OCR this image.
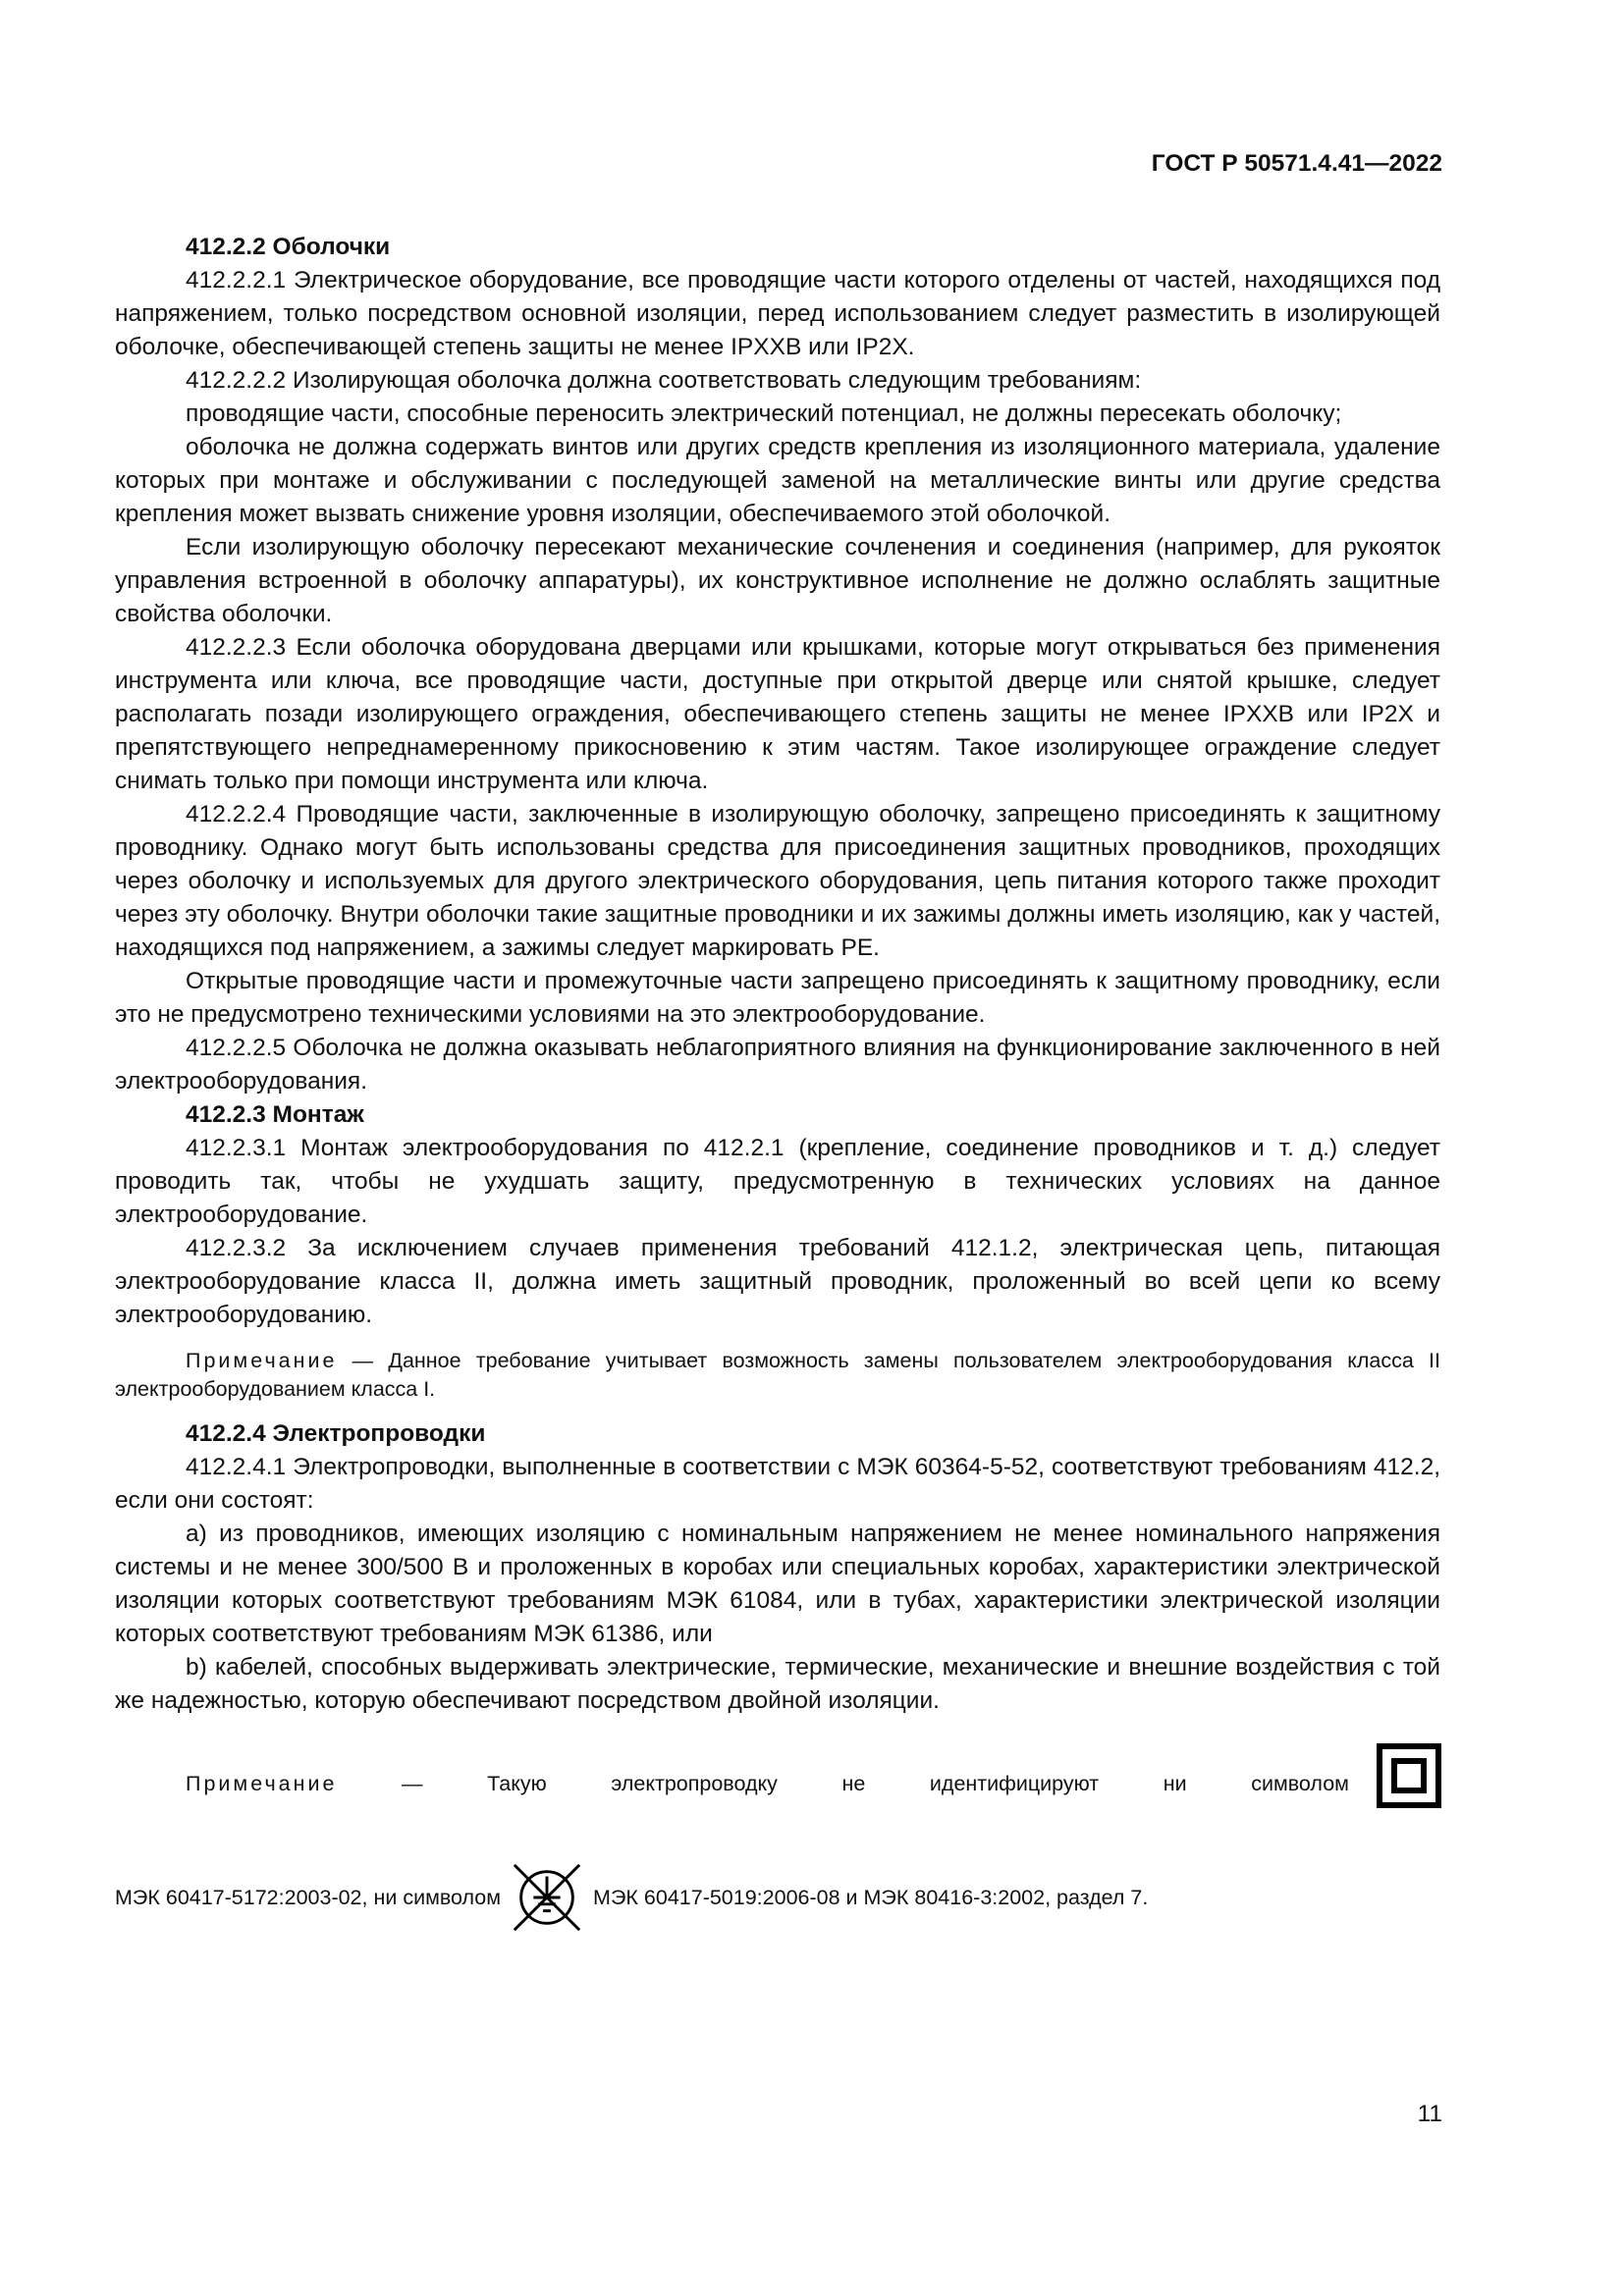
ГОСТ Р 50571.4.41—2022

412.2.2 Оболочки

412.2.2.1 Электрическое оборудование, все проводящие части которого отделены от частей, находящихся под напряжением, только посредством основной изоляции, перед использованием следует разместить в изолирующей оболочке, обеспечивающей степень защиты не менее IPXXB или IP2X.

412.2.2.2 Изолирующая оболочка должна соответствовать следующим требованиям:

проводящие части, способные переносить электрический потенциал, не должны пересекать оболочку;

оболочка не должна содержать винтов или других средств крепления из изоляционного материала, удаление которых при монтаже и обслуживании с последующей заменой на металлические винты или другие средства крепления может вызвать снижение уровня изоляции, обеспечиваемого этой оболочкой.

Если изолирующую оболочку пересекают механические сочленения и соединения (например, для рукояток управления встроенной в оболочку аппаратуры), их конструктивное исполнение не должно ослаблять защитные свойства оболочки.

412.2.2.3 Если оболочка оборудована дверцами или крышками, которые могут открываться без применения инструмента или ключа, все проводящие части, доступные при открытой дверце или снятой крышке, следует располагать позади изолирующего ограждения, обеспечивающего степень защиты не менее IPXXB или IP2X и препятствующего непреднамеренному прикосновению к этим частям. Такое изолирующее ограждение следует снимать только при помощи инструмента или ключа.

412.2.2.4 Проводящие части, заключенные в изолирующую оболочку, запрещено присоединять к защитному проводнику. Однако могут быть использованы средства для присоединения защитных проводников, проходящих через оболочку и используемых для другого электрического оборудования, цепь питания которого также проходит через эту оболочку. Внутри оболочки такие защитные проводники и их зажимы должны иметь изоляцию, как у частей, находящихся под напряжением, а зажимы следует маркировать PE.

Открытые проводящие части и промежуточные части запрещено присоединять к защитному проводнику, если это не предусмотрено техническими условиями на это электрооборудование.

412.2.2.5 Оболочка не должна оказывать неблагоприятного влияния на функционирование заключенного в ней электрооборудования.

412.2.3 Монтаж

412.2.3.1 Монтаж электрооборудования по 412.2.1 (крепление, соединение проводников и т. д.) следует проводить так, чтобы не ухудшать защиту, предусмотренную в технических условиях на данное электрооборудование.

412.2.3.2 За исключением случаев применения требований 412.1.2, электрическая цепь, питающая электрооборудование класса II, должна иметь защитный проводник, проложенный во всей цепи ко всему электрооборудованию.

Примечание — Данное требование учитывает возможность замены пользователем электрооборудования класса II электрооборудованием класса I.

412.2.4 Электропроводки

412.2.4.1 Электропроводки, выполненные в соответствии с МЭК 60364-5-52, соответствуют требованиям 412.2, если они состоят:

a) из проводников, имеющих изоляцию с номинальным напряжением не менее номинального напряжения системы и не менее 300/500 В и проложенных в коробах или специальных коробах, характеристики электрической изоляции которых соответствуют требованиям МЭК 61084, или в тубах, характеристики электрической изоляции которых соответствуют требованиям МЭК 61386, или

b) кабелей, способных выдерживать электрические, термические, механические и внешние воздействия с той же надежностью, которую обеспечивают посредством двойной изоляции.

Примечание	—	Такую	электропроводку	не	идентифицируют	ни	символом
МЭК 60417-5172:2003-02, ни символом	МЭК 60417-5019:2006-08 и МЭК 80416-3:2002, раздел 7.
11
